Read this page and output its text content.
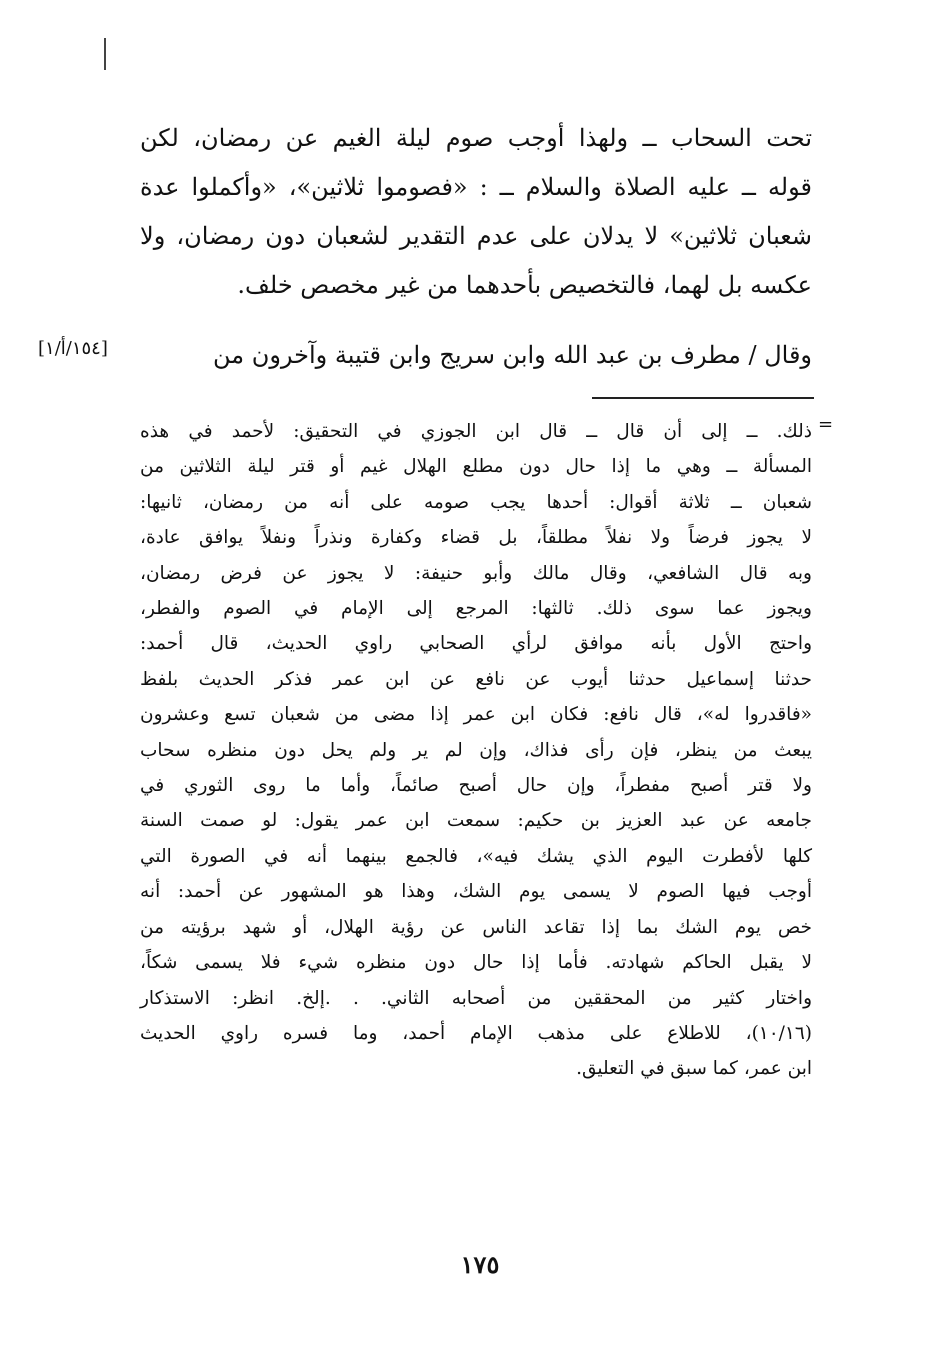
تحت السحاب ــ ولهذا أوجب صوم ليلة الغيم عن رمضان، لكن
قوله ــ عليه الصلاة والسلام ــ : «فصوموا ثلاثين»، «وأكملوا عدة
شعبان ثلاثين» لا يدلان على عدم التقدير لشعبان دون رمضان، ولا
عكسه بل لهما، فالتخصيص بأحدهما من غير مخصص خلف.
وقال / مطرف بن عبد الله وابن سريج وابن قتيبة وآخرون من
[١٥٤/أ/١]
=
ذلك. ــ إلى أن قال ــ قال ابن الجوزي في التحقيق: لأحمد في هذه
المسألة ــ وهي ما إذا حال دون مطلع الهلال غيم أو قتر ليلة الثلاثين من
شعبان ــ ثلاثة أقوال: أحدها يجب صومه على أنه من رمضان، ثانيها:
لا يجوز فرضاً ولا نفلاً مطلقاً، بل قضاء وكفارة ونذراً ونفلاً يوافق عادة،
وبه قال الشافعي، وقال مالك وأبو حنيفة: لا يجوز عن فرض رمضان،
ويجوز عما سوى ذلك. ثالثها: المرجع إلى الإمام في الصوم والفطر،
واحتج الأول بأنه موافق لرأي الصحابي راوي الحديث، قال أحمد:
حدثنا إسماعيل حدثنا أيوب عن نافع عن ابن عمر فذكر الحديث بلفظ
«فاقدروا له»، قال نافع: فكان ابن عمر إذا مضى من شعبان تسع وعشرون
يبعث من ينظر، فإن رأى فذاك، وإن لم ير ولم يحل دون منظره سحاب
ولا قتر أصبح مفطراً، وإن حال أصبح صائماً، وأما ما روى الثوري في
جامعه عن عبد العزيز بن حكيم: سمعت ابن عمر يقول: لو صمت السنة
كلها لأفطرت اليوم الذي يشك فيه»، فالجمع بينهما أنه في الصورة التي
أوجب فيها الصوم لا يسمى يوم الشك، وهذا هو المشهور عن أحمد: أنه
خص يوم الشك بما إذا تقاعد الناس عن رؤية الهلال، أو شهد برؤيته من
لا يقبل الحاكم شهادته. فأما إذا حال دون منظره شيء فلا يسمى شكاً،
واختار كثير من المحققين من أصحابه الثاني. . .إلخ. انظر: الاستذكار
(١٠/١٦)، للاطلاع على مذهب الإمام أحمد، وما فسره راوي الحديث
ابن عمر، كما سبق في التعليق.
١٧٥
